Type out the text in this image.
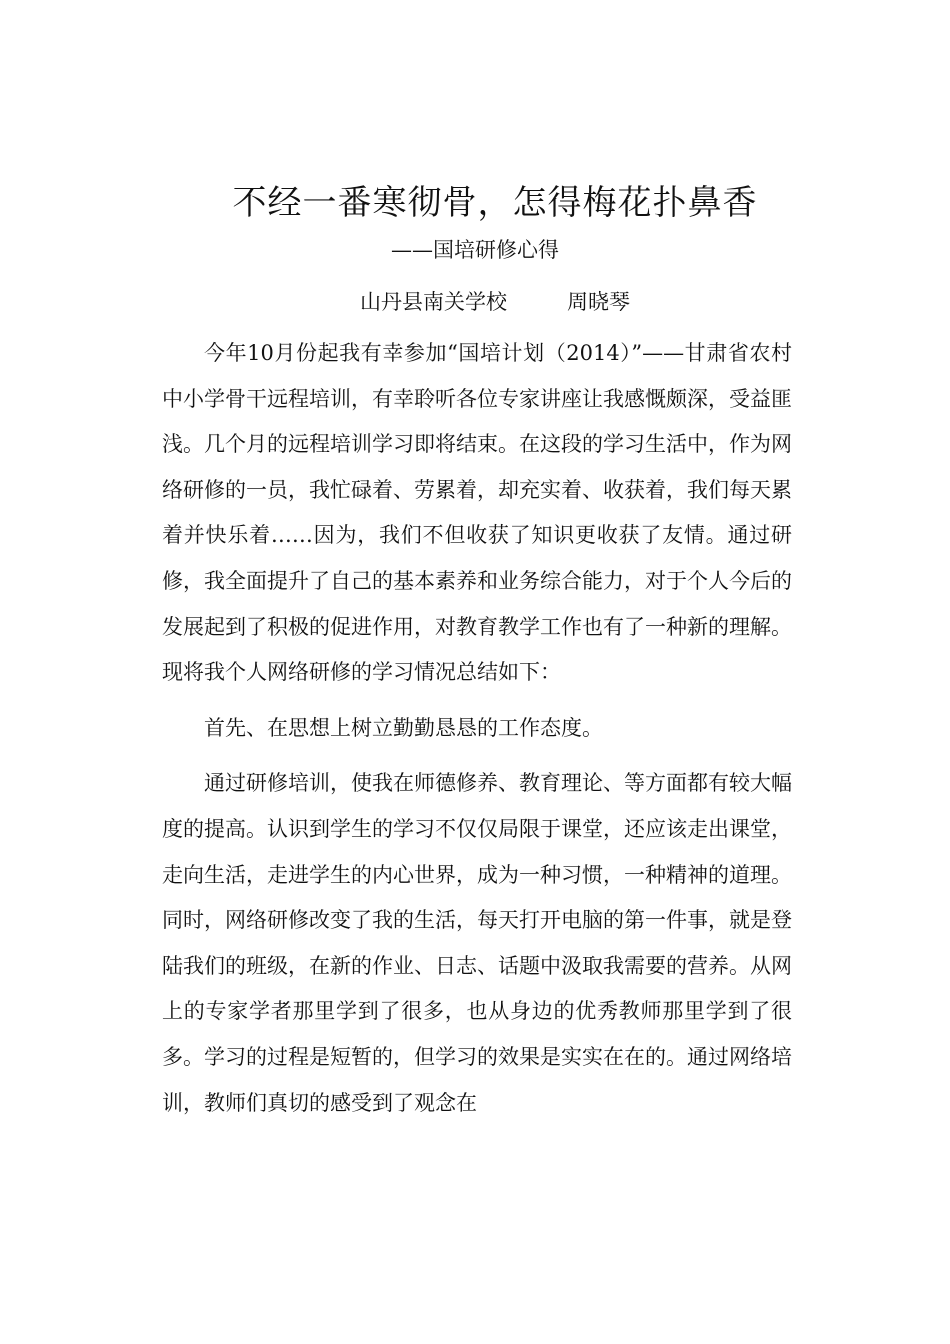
不经一番寒彻骨，怎得梅花扑鼻香
——国培研修心得
山丹县南关学校	周晓琴

今年10月份起我有幸参加“国培计划（2014）”——甘肃省农村中小学骨干远程培训，有幸聆听各位专家讲座让我感慨颇深，受益匪浅。几个月的远程培训学习即将结束。在这段的学习生活中，作为网络研修的一员，我忙碌着、劳累着，却充实着、收获着，我们每天累着并快乐着……因为，我们不但收获了知识更收获了友情。通过研修，我全面提升了自己的基本素养和业务综合能力，对于个人今后的发展起到了积极的促进作用，对教育教学工作也有了一种新的理解。现将我个人网络研修的学习情况总结如下：

首先、在思想上树立勤勤恳恳的工作态度。

通过研修培训，使我在师德修养、教育理论、等方面都有较大幅度的提高。认识到学生的学习不仅仅局限于课堂，还应该走出课堂，走向生活，走进学生的内心世界，成为一种习惯，一种精神的道理。同时，网络研修改变了我的生活，每天打开电脑的第一件事，就是登陆我们的班级，在新的作业、日志、话题中汲取我需要的营养。从网上的专家学者那里学到了很多，也从身边的优秀教师那里学到了很多。学习的过程是短暂的，但学习的效果是实实在在的。通过网络培训，教师们真切的感受到了观念在
